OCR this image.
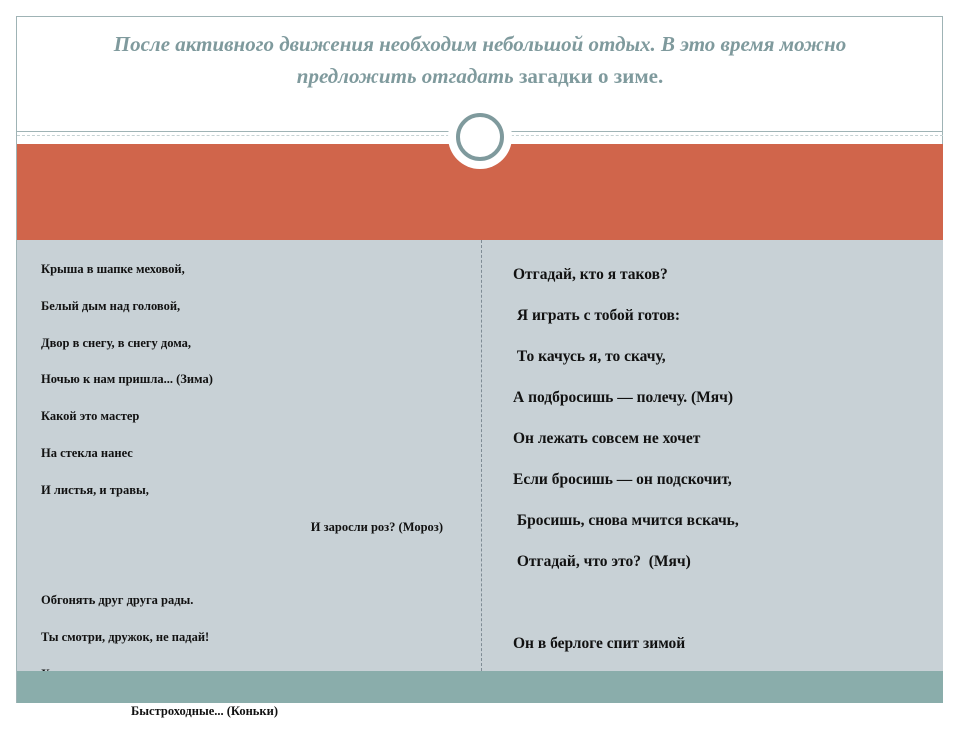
После активного движения необходим небольшой отдых. В это время можно предложить отгадать загадки о зиме.
Крыша в шапке меховой,
Белый дым над головой,
Двор в снегу, в снегу дома,
Ночью к нам пришла... (Зима)
Какой это мастер
На стекла нанес
И листья, и травы,
И заросли роз? (Мороз)
Обгонять друг друга рады.
Ты смотри, дружок, не падай!
Быстроходные... (Коньки)
Отгадай, кто я таков?
Я играть с тобой готов:
То качусь я, то скачу,
А подбросишь — полечу. (Мяч)
Он лежать совсем не хочет
Если бросишь — он подскочит,
Бросишь, снова мчится вскачь,
Отгадай, что это?  (Мяч)
Он в берлоге спит зимой
